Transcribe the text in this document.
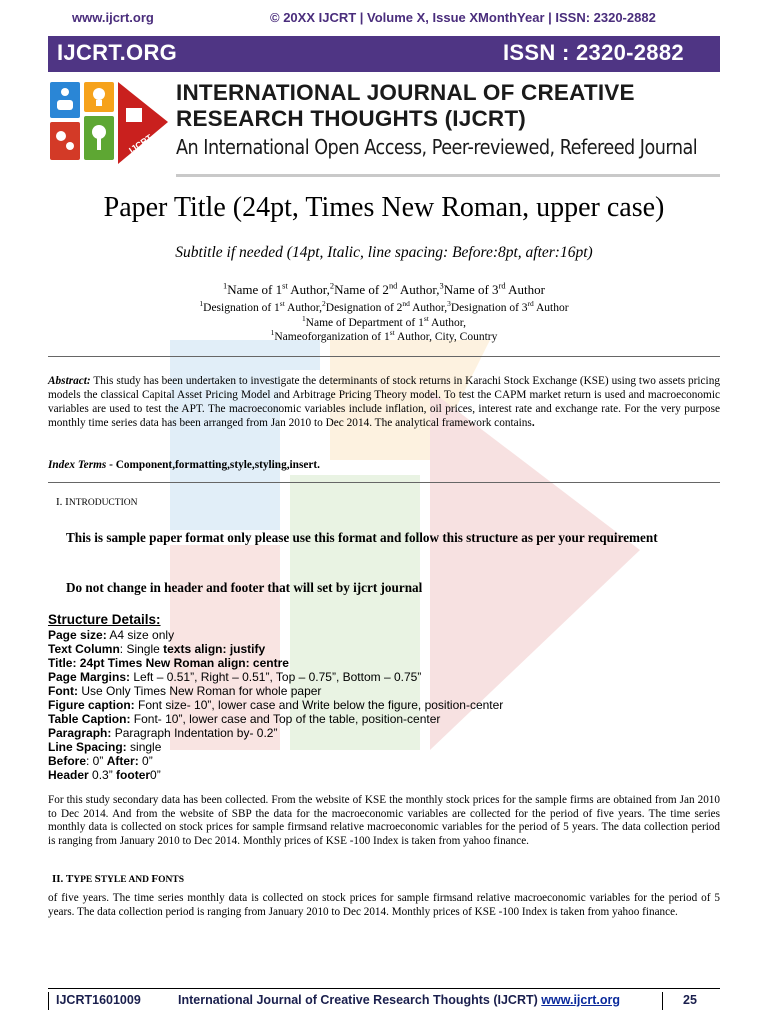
www.ijcrt.org	© 20XX IJCRT | Volume X, Issue XMonthYear | ISSN: 2320-2882
IJCRT.ORG	ISSN : 2320-2882
IJCRT
INTERNATIONAL JOURNAL OF CREATIVE RESEARCH THOUGHTS (IJCRT)
An International Open Access, Peer-reviewed, Refereed Journal
Paper Title (24pt, Times New Roman, upper case)
Subtitle if needed (14pt, Italic, line spacing: Before:8pt, after:16pt)
$^1$Name of 1st Author,$^2$Name of 2nd Author,$^3$Name of 3rd Author
$^1$Designation of 1st Author,$^2$Designation of 2nd Author,$^3$Designation of 3rd Author
$^1$Name of Department of 1st Author,
$^1$Nameoforganization of 1st Author, City, Country
Abstract: This study has been undertaken to investigate the determinants of stock returns in Karachi Stock Exchange (KSE) using two assets pricing models the classical Capital Asset Pricing Model and Arbitrage Pricing Theory model. To test the CAPM market return is used and macroeconomic variables are used to test the APT. The macroeconomic variables include inflation, oil prices, interest rate and exchange rate. For the very purpose monthly time series data has been arranged from Jan 2010 to Dec 2014. The analytical framework contains.
Index Terms - Component,formatting,style,styling,insert.
I. INTRODUCTION
This is sample paper format only please use this format and follow this structure as per your requirement
Do not change in header and footer that will set by ijcrt journal
Structure Details:
Page size: A4 size only
Text Column: Single texts align: justify
Title: 24pt Times New Roman align: centre
Page Margins: Left – 0.51”, Right – 0.51”, Top – 0.75”, Bottom – 0.75”
Font: Use Only Times New Roman for whole paper
Figure caption: Font size- 10”, lower case and Write below the figure, position-center
Table Caption: Font- 10”, lower case and Top of the table, position-center
Paragraph: Paragraph Indentation by- 0.2”
Line Spacing: single
Before: 0” After: 0”
Header 0.3” footer0”
For this study secondary data has been collected. From the website of KSE the monthly stock prices for the sample firms are obtained from Jan 2010 to Dec 2014. And from the website of SBP the data for the macroeconomic variables are collected for the period of five years. The time series monthly data is collected on stock prices for sample firmsand relative macroeconomic variables for the period of 5 years. The data collection period is ranging from January 2010 to Dec 2014. Monthly prices of KSE -100 Index is taken from yahoo finance.
II. TYPE STYLE AND FONTS
of five years. The time series monthly data is collected on stock prices for sample firmsand relative macroeconomic variables for the period of 5 years. The data collection period is ranging from January 2010 to Dec 2014. Monthly prices of KSE -100 Index is taken from yahoo finance.
IJCRT1601009	International Journal of Creative Research Thoughts (IJCRT) www.ijcrt.org	25
